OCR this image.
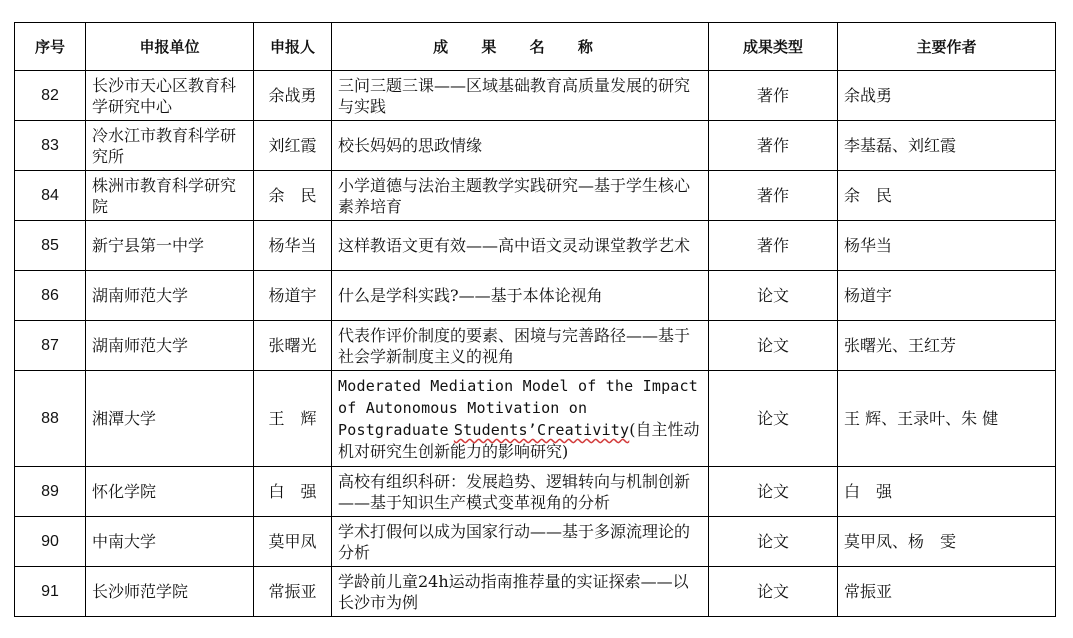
序号	申报单位	申报人	成 果 名 称	成果类型	主要作者
82	长沙市天心区教育科学研究中心	余战勇	三问三题三课——区域基础教育高质量发展的研究与实践	著作	余战勇
83	冷水江市教育科学研究所	刘红霞	校长妈妈的思政情缘	著作	李基磊、刘红霞
84	株洲市教育科学研究院	余　民	小学道德与法治主题教学实践研究—基于学生核心素养培育	著作	余　民
85	新宁县第一中学	杨华当	这样教语文更有效——高中语文灵动课堂教学艺术	著作	杨华当
86	湖南师范大学	杨道宇	什么是学科实践?——基于本体论视角	论文	杨道宇
87	湖南师范大学	张曙光	代表作评价制度的要素、困境与完善路径——基于社会学新制度主义的视角	论文	张曙光、王红芳
88	湘潭大学	王　辉	Moderated Mediation Model of the Impact of Autonomous Motivation on Postgraduate Students’Creativity(自主性动机对研究生创新能力的影响研究)	论文	王 辉、王录叶、朱 健
89	怀化学院	白　强	高校有组织科研：发展趋势、逻辑转向与机制创新——基于知识生产模式变革视角的分析	论文	白　强
90	中南大学	莫甲凤	学术打假何以成为国家行动——基于多源流理论的分析	论文	莫甲凤、杨　雯
91	长沙师范学院	常振亚	学龄前儿童24h运动指南推荐量的实证探索——以长沙市为例	论文	常振亚
